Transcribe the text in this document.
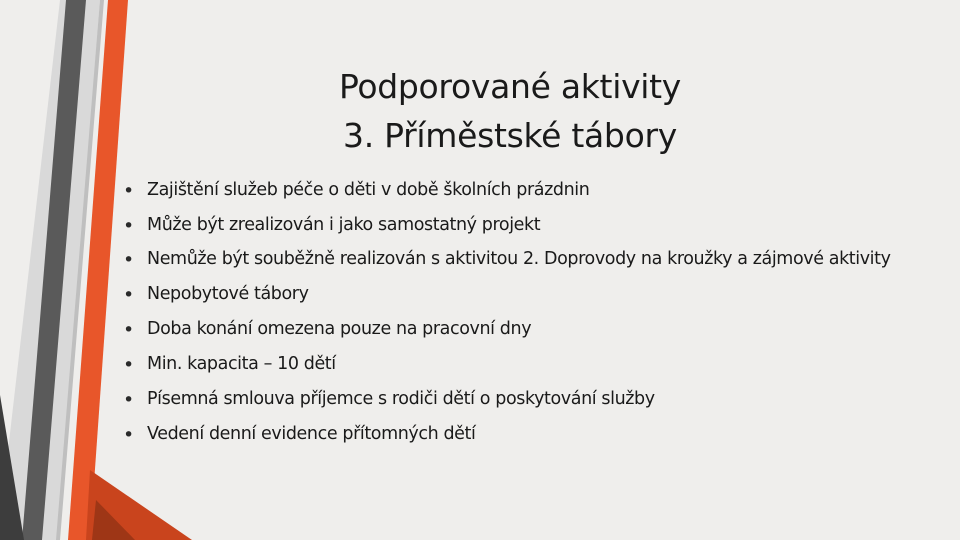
Podporované aktivity
3. Příměstské tábory
• Zajištění služeb péče o děti v době školních prázdnin
• Může být zrealizován i jako samostatný projekt
• Nemůže být souběžně realizován s aktivitou 2. Doprovody na kroužky a zájmové aktivity
• Nepobytové tábory
• Doba konání omezena pouze na pracovní dny
• Min. kapacita – 10 dětí
• Písemná smlouva příjemce s rodiči dětí o poskytování služby
• Vedení denní evidence přítomných dětí
